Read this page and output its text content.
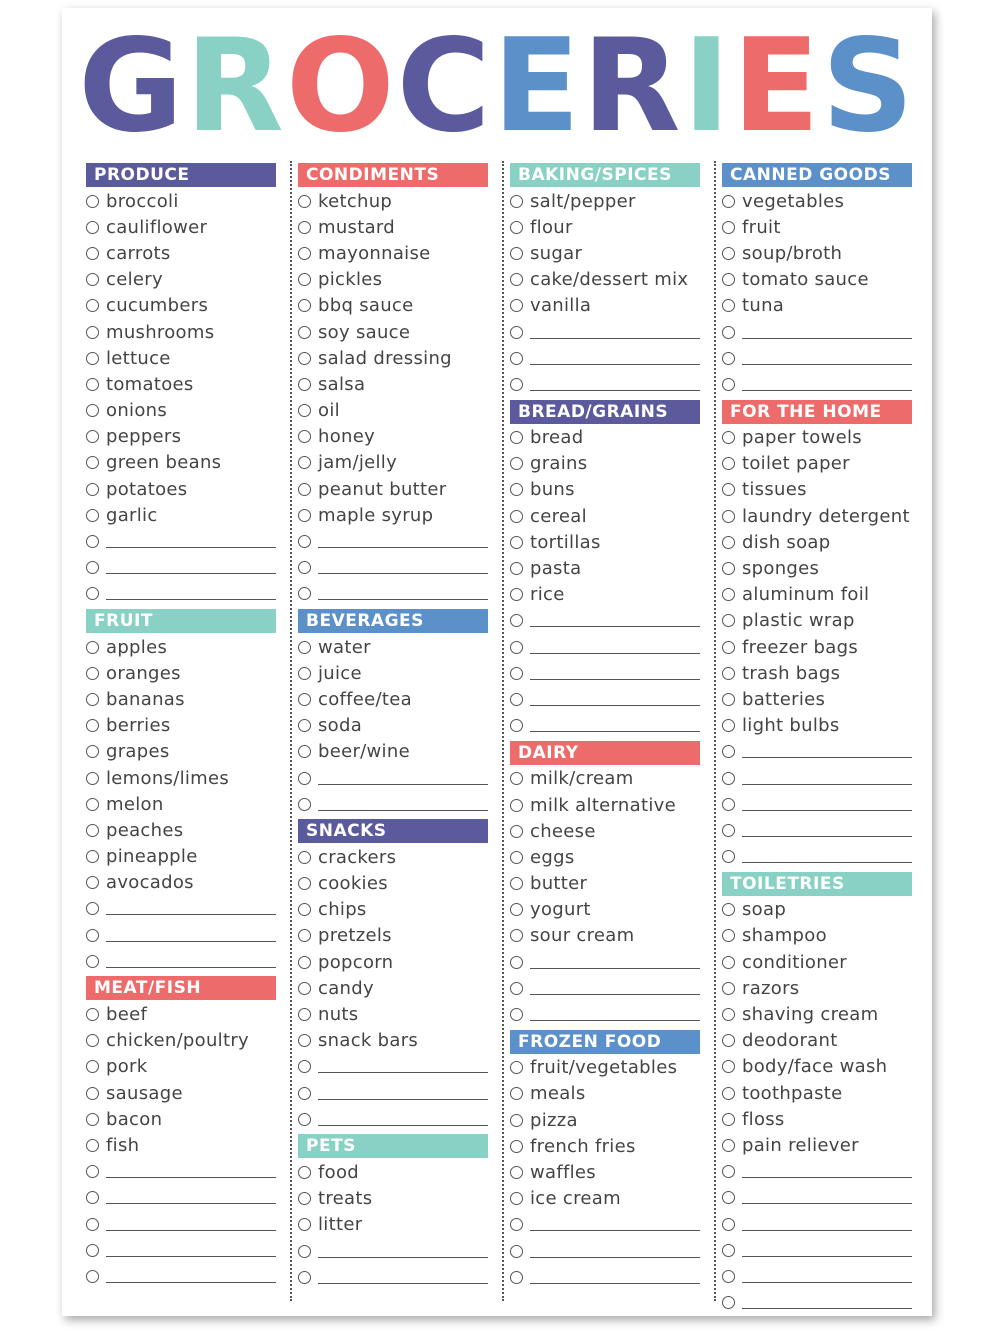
GROCERIES
PRODUCE
broccoli
cauliflower
carrots
celery
cucumbers
mushrooms
lettuce
tomatoes
onions
peppers
green beans
potatoes
garlic
FRUIT
apples
oranges
bananas
berries
grapes
lemons/limes
melon
peaches
pineapple
avocados
MEAT/FISH
beef
chicken/poultry
pork
sausage
bacon
fish
CONDIMENTS
ketchup
mustard
mayonnaise
pickles
bbq sauce
soy sauce
salad dressing
salsa
oil
honey
jam/jelly
peanut butter
maple syrup
BEVERAGES
water
juice
coffee/tea
soda
beer/wine
SNACKS
crackers
cookies
chips
pretzels
popcorn
candy
nuts
snack bars
PETS
food
treats
litter
BAKING/SPICES
salt/pepper
flour
sugar
cake/dessert mix
vanilla
BREAD/GRAINS
bread
grains
buns
cereal
tortillas
pasta
rice
DAIRY
milk/cream
milk alternative
cheese
eggs
butter
yogurt
sour cream
FROZEN FOOD
fruit/vegetables
meals
pizza
french fries
waffles
ice cream
CANNED GOODS
vegetables
fruit
soup/broth
tomato sauce
tuna
FOR THE HOME
paper towels
toilet paper
tissues
laundry detergent
dish soap
sponges
aluminum foil
plastic wrap
freezer bags
trash bags
batteries
light bulbs
TOILETRIES
soap
shampoo
conditioner
razors
shaving cream
deodorant
body/face wash
toothpaste
floss
pain reliever
